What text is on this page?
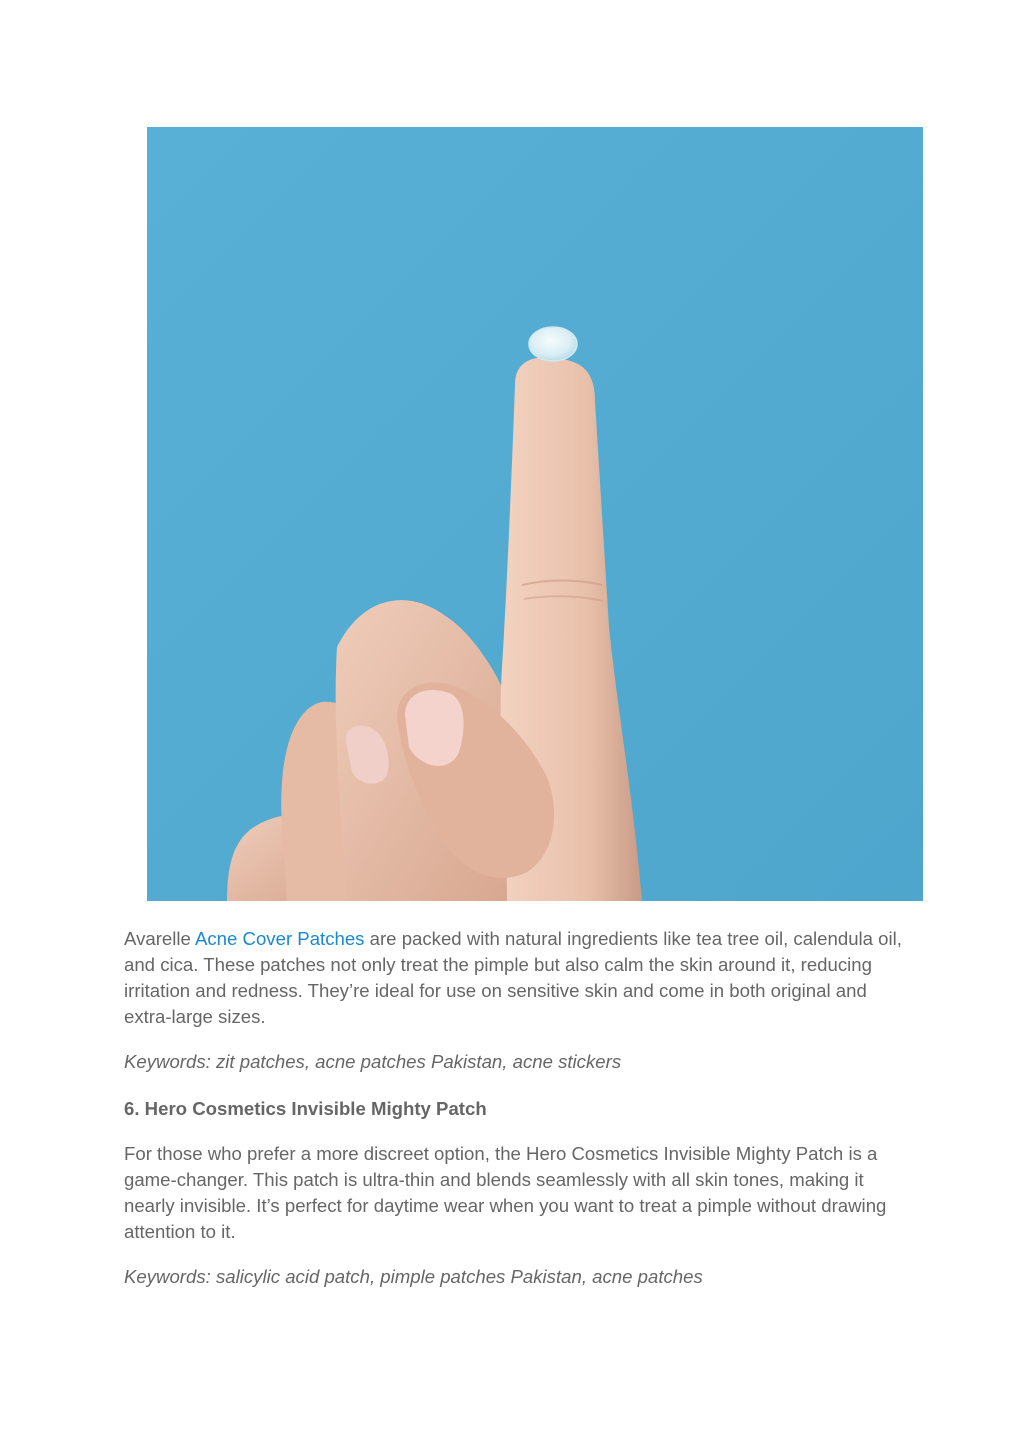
Avarelle Acne Cover Patches are packed with natural ingredients like tea tree oil, calendula oil, and cica. These patches not only treat the pimple but also calm the skin around it, reducing irritation and redness. They’re ideal for use on sensitive skin and come in both original and extra-large sizes.

Keywords: zit patches, acne patches Pakistan, acne stickers

6. Hero Cosmetics Invisible Mighty Patch

For those who prefer a more discreet option, the Hero Cosmetics Invisible Mighty Patch is a game-changer. This patch is ultra-thin and blends seamlessly with all skin tones, making it nearly invisible. It’s perfect for daytime wear when you want to treat a pimple without drawing attention to it.

Keywords: salicylic acid patch, pimple patches Pakistan, acne patches
